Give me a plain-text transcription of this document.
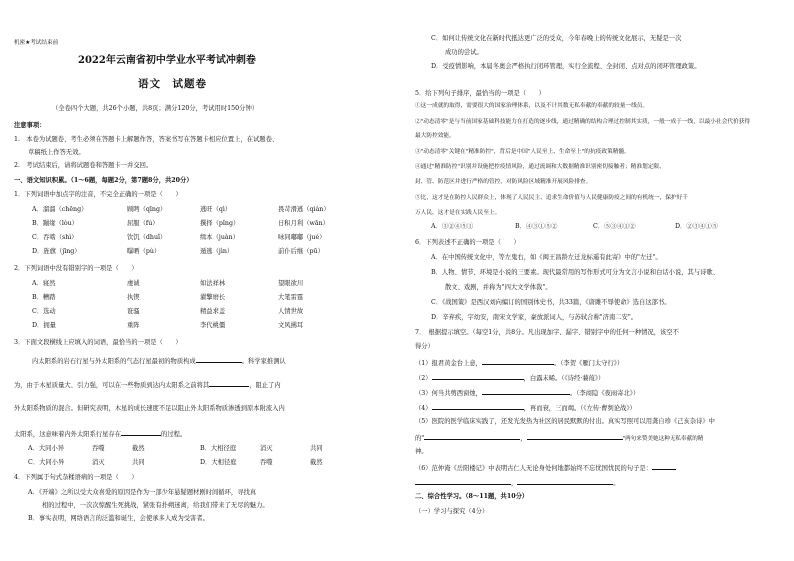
机密★考试结束前
2022年云南省初中学业水平考试冲刺卷
语文　试题卷
（全卷四个大题，共26个小题，共8页；满分120分，考试用时150分钟）
注意事项：
1.　本卷为试题卷，考生必须在答题卡上解题作答，答案书写在答题卡相应位置上，在试题卷、
草稿纸上作答无效。
2.　考试结束后，请将试题卷和答题卡一并交回。
一、语文知识积累。（1～6题，每题2分，第7题8分，共20分）
1．下列词语中加点字的注音，不完全正确的一项是（　　）
A．溜溜（chēng）	顾眄（qīng）	逃旺（qì）	畏苛滑逃（qián）
B．蹦缘（lòu）	屈服（fú）	撰择（pǐng）	日积月利（wān）
C．吞啮（shì）	饮饥（dhuǐ）	缉本（juàn）	咏同嘟嘟（jué）
D．旌旗（jīng）	曝晒（pù）	遁逃（jìn）	前仆后继（pū）
2．下列词语中没有错别字的一项是（　　）
A．寝然	虔诚	如法祥林	望眼欲川
B．糟踏	执锲	濯擎磨长	大笔雷霆
C．选动	诳骚	精益求盖	人情世故
D．拥量	重阵	李代桃僵	文风拂耳
3．下面文段横线上应填入的词语，最恰当的一项是（　　）
内太阳系的岩石行星与外太阳系的气态行星最初的物质构成	。科学家推测认
为，由于木星质量大、引力强，可以在一些物质到达内太阳系之前将其	，阻止了内
外太阳系物质的混合。但研究表明，木星的成长速度不足以阻止外太阳系物质渗透到原本附流入内
太阳系，这意味着内外太阳系行星存在	的过程。
A．大同小异	吞噬	截然	B．大相径庭	消灭	共同
C．大同小异	消灭	共同	D．大相径庭	吞噬	截然
4．下列属于句式杂糅语病的一项是（　　）
A．《开端》之所以受大众喜爱的原因是作为一部少年悬疑题材剧时间循环，寻找真
相的过程中，一次次惊醒生死挑战，紧张有扑朔迷离，给我们带来了无尽的魅力。
B．事实表明，网络语言的泛滥和诞生，会使承多人成为受害者。
C．如何让传统文化在新时代抵达更广泛的受众，今年春晚上的传统文化展示，无疑是一次
成功的尝试。
D．受疫情影响，本届冬奥会严格执行闭环管理，实行全流程、全封闭、点对点的闭环管理政策。
5．给下列句子排序，最恰当的一项是（　　）
①这一成就的取得，需要很大的国家治理体系，以及不计其数无私奉献的奉献的较量一线员。
②"动态清零"是与当前国家基础科技能力在打造的逐步线，通过精确的结构合理过控制其实质，一般一成于一线，以最小社会代价获得
最大防控效能。
③"动态清零"关键在"精准防控"，背后是中国"人民至上、生命至上"的抗疫政策精髓。
④通过"精准防控"识别并设施把控疫情风险，通过流调和大数据精准识别密切接触者；精准划定限、
封、管、防范区并进行严格的管控，对防风险区域精准开展风险排查。
⑤比，这才是在防控人民群众上，体现了人民民主、追求生命价值与人民健康防疫之间的有机统一，保护好千
万人民，这才是在实践人民至上。
A．③②④⑤①	B．④③①⑤②	C．⑤③④①②	D．②③④①⑤
6．下列表述不正确的一项是（　　）
A．在中国传统文化中，等左鬼右，如《闽王昌龄左迁龙标遥有此寄》中的"左迁"。
B．人物、情节、环境是小说的三要素。现代最常用的写作形式可分为文言小说和白话小说，其与诗歌、
散文、戏剧，并称为"四大文学体裁"。
C．《战国策》是西汉刘向编订的国别体史书，共33篇，《唐雎不辱使命》选自这部书。
D．辛弃疾，字幼安，南宋文学家，豪放派词人，与苏轼合称"济南二安"。
7．　根据提示填空。（每空1分，共8分。凡出现加字、漏字、错别字中的任何一种情况，该空不
得分）
（1）报君黄金台上意，	。（李贺《雁门太守行》）
（2）	，白露未晞。（《诗经·蒹葭》）
（3）何当共剪西窗烛，	。（李商隐《夜雨寄北》）
（4）	，再而衰，三而竭。（《左传·曹刿论战》）
（5）医院的医学临床实践了，还发光发热为社区的居民默默的付出。真实写照可以用龚自珍《己亥杂诗》中
的"	，	"两句来赞美她这种无私奉献的精
神。
（6）范仲淹《岳阳楼记》中表明古仁人无论身处何地都始终不忘忧国忧民的句子是：
，	。
二、综合性学习。（8～11题，共10分）
（一）学习与探究（4分）
